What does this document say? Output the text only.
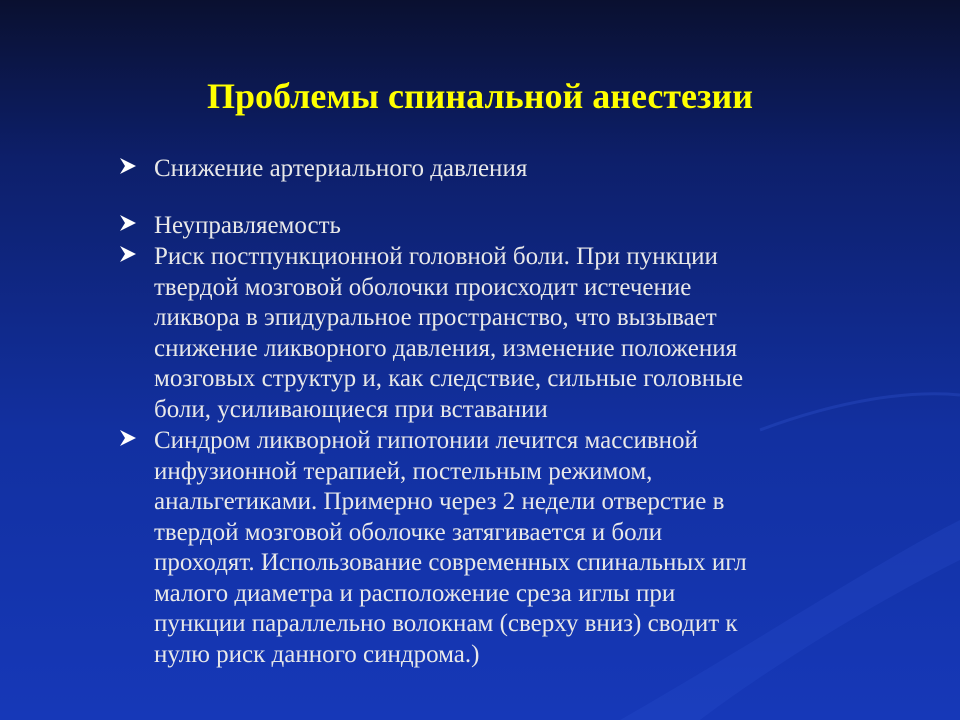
Проблемы спинальной анестезии
Снижение артериального давления
Неуправляемость
Риск постпункционной головной боли. При пункции
твердой мозговой оболочки происходит истечение
ликвора в эпидуральное пространство, что вызывает
снижение ликворного давления, изменение положения
мозговых структур и, как следствие, сильные головные
боли, усиливающиеся при вставании
Синдром ликворной гипотонии лечится массивной
инфузионной терапией, постельным режимом,
анальгетиками. Примерно через 2 недели отверстие в
твердой мозговой оболочке затягивается и боли
проходят. Использование современных спинальных игл
малого диаметра и расположение среза иглы при
пункции параллельно волокнам (сверху вниз) сводит к
нулю риск данного синдрома.)
